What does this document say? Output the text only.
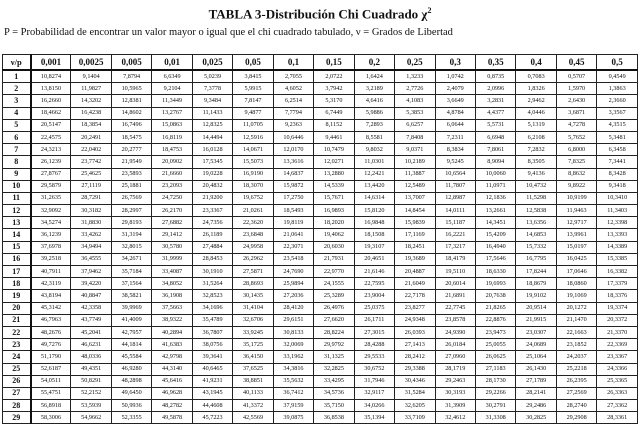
TABLA 3-Distribución Chi Cuadrado $\chi^2$
P = Probabilidad de encontrar un valor mayor o igual que el chi cuadrado tabulado, ν = Grados de Libertad
ν/p	0,001	0,0025	0,005	0,01	0,025	0,05	0,1	0,15	0,2	0,25	0,3	0,35	0,4	0,45	0,5
1	10,8274	9,1404	7,8794	6,6349	5,0239	3,8415	2,7055	2,0722	1,6424	1,3233	1,0742	0,8735	0,7083	0,5707	0,4549
2	13,8150	11,9827	10,5965	9,2104	7,3778	5,9915	4,6052	3,7942	3,2189	2,7726	2,4079	2,0996	1,8326	1,5970	1,3863
3	16,2660	14,3202	12,8381	11,3449	9,3484	7,8147	6,2514	5,3170	4,6416	4,1083	3,6649	3,2831	2,9462	2,6430	2,3660
4	18,4662	16,4238	14,8602	13,2767	11,1433	9,4877	7,7794	6,7449	5,9886	5,3853	4,8784	4,4377	4,0446	3,6871	3,3567
5	20,5147	18,3854	16,7496	15,0863	12,8325	11,0705	9,2363	8,1152	7,2893	6,6257	6,0644	5,5731	5,1319	4,7278	4,3515
6	22,4575	20,2491	18,5475	16,8119	14,4494	12,5916	10,6446	9,4461	8,5581	7,8408	7,2311	6,6948	6,2108	5,7652	5,3481
7	24,3213	22,0402	20,2777	18,4753	16,0128	14,0671	12,0170	10,7479	9,8032	9,0371	8,3834	7,8061	7,2832	6,8000	6,3458
8	26,1239	23,7742	21,9549	20,0902	17,5345	15,5073	13,3616	12,0271	11,0301	10,2189	9,5245	8,9094	8,3505	7,8325	7,3441
9	27,8767	25,4625	23,5893	21,6660	19,0228	16,9190	14,6837	13,2880	12,2421	11,3887	10,6564	10,0060	9,4136	8,8632	8,3428
10	29,5879	27,1119	25,1881	23,2093	20,4832	18,3070	15,9872	14,5339	13,4420	12,5489	11,7807	11,0971	10,4732	9,8922	9,3418
11	31,2635	28,7291	26,7569	24,7250	21,9200	19,6752	17,2750	15,7671	14,6314	13,7007	12,8987	12,1836	11,5298	10,9199	10,3410
12	32,9092	30,3182	28,2997	26,2170	23,3367	21,0261	18,5493	16,9893	15,8120	14,8454	14,0111	13,2661	12,5838	11,9463	11,3403
13	34,5274	31,8830	29,8193	27,6882	24,7356	22,3620	19,8119	18,2020	16,9848	15,9839	15,1187	14,3451	13,6356	12,9717	12,3398
14	36,1239	33,4262	31,3194	29,1412	26,1189	23,6848	21,0641	19,4062	18,1508	17,1169	16,2221	15,4209	14,6853	13,9961	13,3393
15	37,6978	34,9494	32,8015	30,5780	27,4884	24,9958	22,3071	20,6030	19,3107	18,2451	17,3217	16,4940	15,7332	15,0197	14,3389
16	39,2518	36,4555	34,2671	31,9999	28,8453	26,2962	23,5418	21,7931	20,4651	19,3689	18,4179	17,5646	16,7795	16,0425	15,3385
17	40,7911	37,9462	35,7184	33,4087	30,1910	27,5871	24,7690	22,9770	21,6146	20,4887	19,5110	18,6330	17,8244	17,0646	16,3382
18	42,3119	39,4220	37,1564	34,8052	31,5264	28,8693	25,9894	24,1555	22,7595	21,6049	20,6014	19,6993	18,8679	18,0860	17,3379
19	43,8194	40,8847	38,5821	36,1908	32,8523	30,1435	27,2036	25,3289	23,9004	22,7178	21,6891	20,7638	19,9102	19,1069	18,3376
20	45,3142	42,3358	39,9969	37,5663	34,1696	31,4104	28,4120	26,4976	25,0375	23,8277	22,7745	21,8265	20,9514	20,1272	19,3374
21	46,7963	43,7749	41,4009	38,9322	35,4789	32,6706	29,6151	27,6620	26,1711	24,9348	23,8578	22,8876	21,9915	21,1470	20,3372
22	48,2676	45,2041	42,7957	40,2894	36,7807	33,9245	30,8133	28,8224	27,3015	26,0393	24,9390	23,9473	23,0307	22,1663	21,3370
23	49,7276	46,6231	44,1814	41,6383	38,0756	35,1725	32,0069	29,9792	28,4288	27,1413	26,0184	25,0055	24,0689	23,1852	22,3369
24	51,1790	48,0336	45,5584	42,9798	39,3641	36,4150	33,1962	31,1325	29,5533	28,2412	27,0960	26,0625	25,1064	24,2037	23,3367
25	52,6187	49,4351	46,9280	44,3140	40,6465	37,6525	34,3816	32,2825	30,6752	29,3388	28,1719	27,1183	26,1430	25,2218	24,3366
26	54,0511	50,8291	48,2898	45,6416	41,9231	38,8851	35,5632	33,4295	31,7946	30,4346	29,2463	28,1730	27,1789	26,2395	25,3365
27	55,4751	52,2152	49,6450	46,9628	43,1945	40,1133	36,7412	34,5736	32,9117	31,5284	30,3193	29,2266	28,2141	27,2569	26,3363
28	56,8918	53,5939	50,9936	48,2782	44,4608	41,3372	37,9159	35,7150	34,0266	32,6205	31,3909	30,2791	29,2486	28,2740	27,3362
29	58,3006	54,9662	52,3355	49,5878	45,7223	42,5569	39,0875	36,8538	35,1394	33,7109	32,4612	31,3308	30,2825	29,2908	28,3361
